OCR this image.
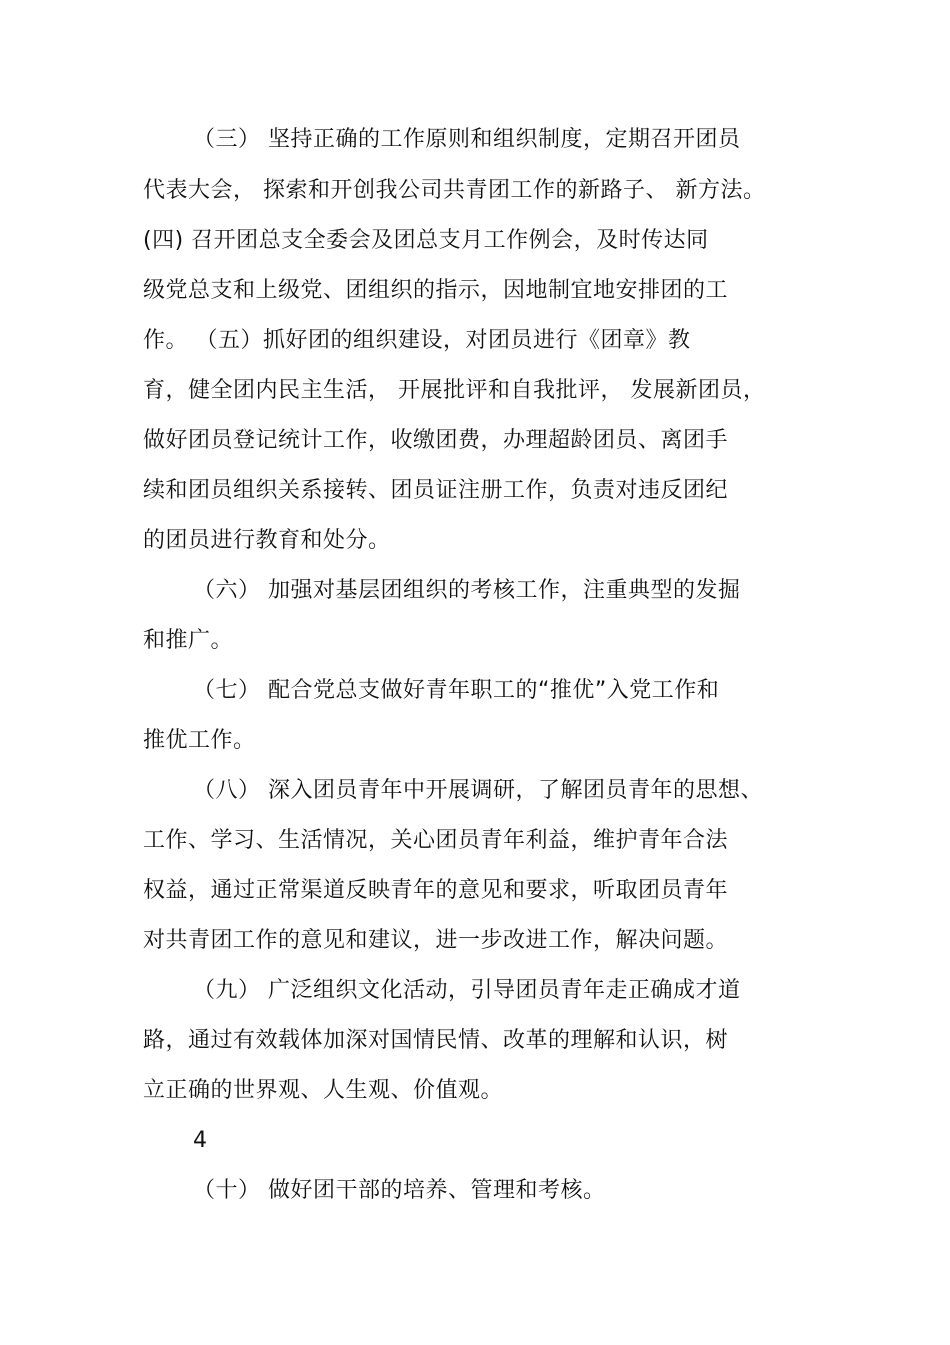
（三） 坚持正确的工作原则和组织制度，定期召开团员
代表大会， 探索和开创我公司共青团工作的新路子、 新方法。
(四) 召开团总支全委会及团总支月工作例会，及时传达同
级党总支和上级党、团组织的指示，因地制宜地安排团的工
作。 （五）抓好团的组织建设，对团员进行《团章》教
育，健全团内民主生活， 开展批评和自我批评， 发展新团员，
做好团员登记统计工作，收缴团费，办理超龄团员、离团手
续和团员组织关系接转、团员证注册工作，负责对违反团纪
的团员进行教育和处分。
（六） 加强对基层团组织的考核工作，注重典型的发掘
和推广。
（七） 配合党总支做好青年职工的“推优”入党工作和
推优工作。
（八） 深入团员青年中开展调研，了解团员青年的思想、
工作、学习、生活情况，关心团员青年利益，维护青年合法
权益，通过正常渠道反映青年的意见和要求，听取团员青年
对共青团工作的意见和建议，进一步改进工作，解决问题。
（九） 广泛组织文化活动，引导团员青年走正确成才道
路，通过有效载体加深对国情民情、改革的理解和认识，树
立正确的世界观、人生观、价值观。
4
（十） 做好团干部的培养、管理和考核。
